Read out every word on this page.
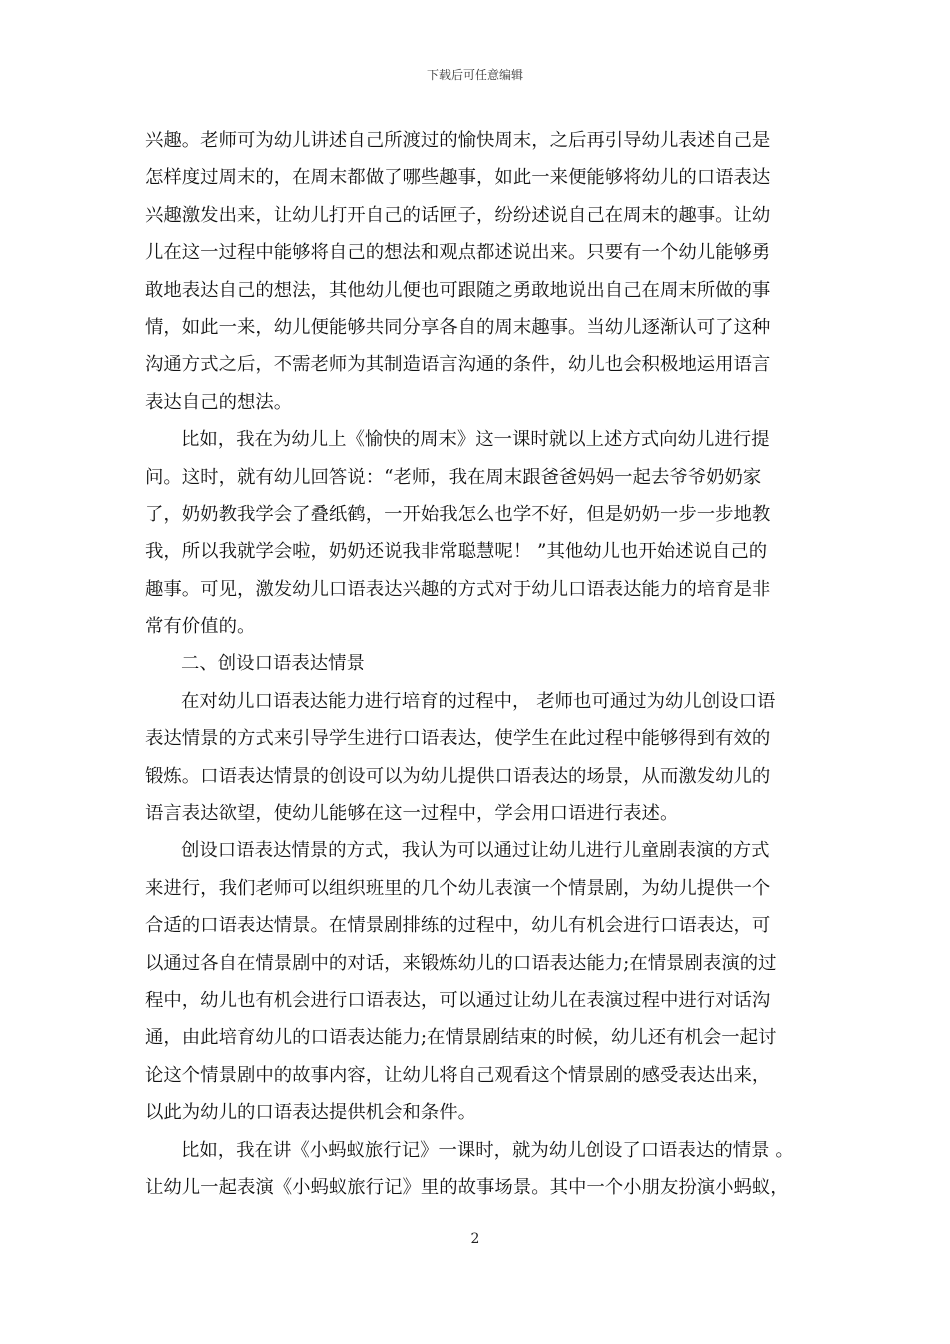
下载后可任意编辑
兴趣。老师可为幼儿讲述自己所渡过的愉快周末，之后再引导幼儿表述自己是
怎样度过周末的，在周末都做了哪些趣事，如此一来便能够将幼儿的口语表达
兴趣激发出来，让幼儿打开自己的话匣子，纷纷述说自己在周末的趣事。让幼
儿在这一过程中能够将自己的想法和观点都述说出来。只要有一个幼儿能够勇
敢地表达自己的想法，其他幼儿便也可跟随之勇敢地说出自己在周末所做的事
情，如此一来，幼儿便能够共同分享各自的周末趣事。当幼儿逐渐认可了这种
沟通方式之后，不需老师为其制造语言沟通的条件，幼儿也会积极地运用语言
表达自己的想法。
比如，我在为幼儿上《愉快的周末》这一课时就以上述方式向幼儿进行提
问。这时，就有幼儿回答说：“老师，我在周末跟爸爸妈妈一起去爷爷奶奶家
了，奶奶教我学会了叠纸鹤，一开始我怎么也学不好，但是奶奶一步一步地教
我，所以我就学会啦，奶奶还说我非常聪慧呢！ ”其他幼儿也开始述说自己的
趣事。可见，激发幼儿口语表达兴趣的方式对于幼儿口语表达能力的培育是非
常有价值的。
二、创设口语表达情景
在对幼儿口语表达能力进行培育的过程中， 老师也可通过为幼儿创设口语
表达情景的方式来引导学生进行口语表达，使学生在此过程中能够得到有效的
锻炼。口语表达情景的创设可以为幼儿提供口语表达的场景，从而激发幼儿的
语言表达欲望，使幼儿能够在这一过程中，学会用口语进行表述。
创设口语表达情景的方式，我认为可以通过让幼儿进行儿童剧表演的方式
来进行，我们老师可以组织班里的几个幼儿表演一个情景剧，为幼儿提供一个
合适的口语表达情景。在情景剧排练的过程中，幼儿有机会进行口语表达，可
以通过各自在情景剧中的对话，来锻炼幼儿的口语表达能力;在情景剧表演的过
程中，幼儿也有机会进行口语表达，可以通过让幼儿在表演过程中进行对话沟
通，由此培育幼儿的口语表达能力;在情景剧结束的时候，幼儿还有机会一起讨
论这个情景剧中的故事内容，让幼儿将自己观看这个情景剧的感受表达出来，
以此为幼儿的口语表达提供机会和条件。
比如，我在讲《小蚂蚁旅行记》一课时，就为幼儿创设了口语表达的情景 。
让幼儿一起表演《小蚂蚁旅行记》里的故事场景。其中一个小朋友扮演小蚂蚁，
2
